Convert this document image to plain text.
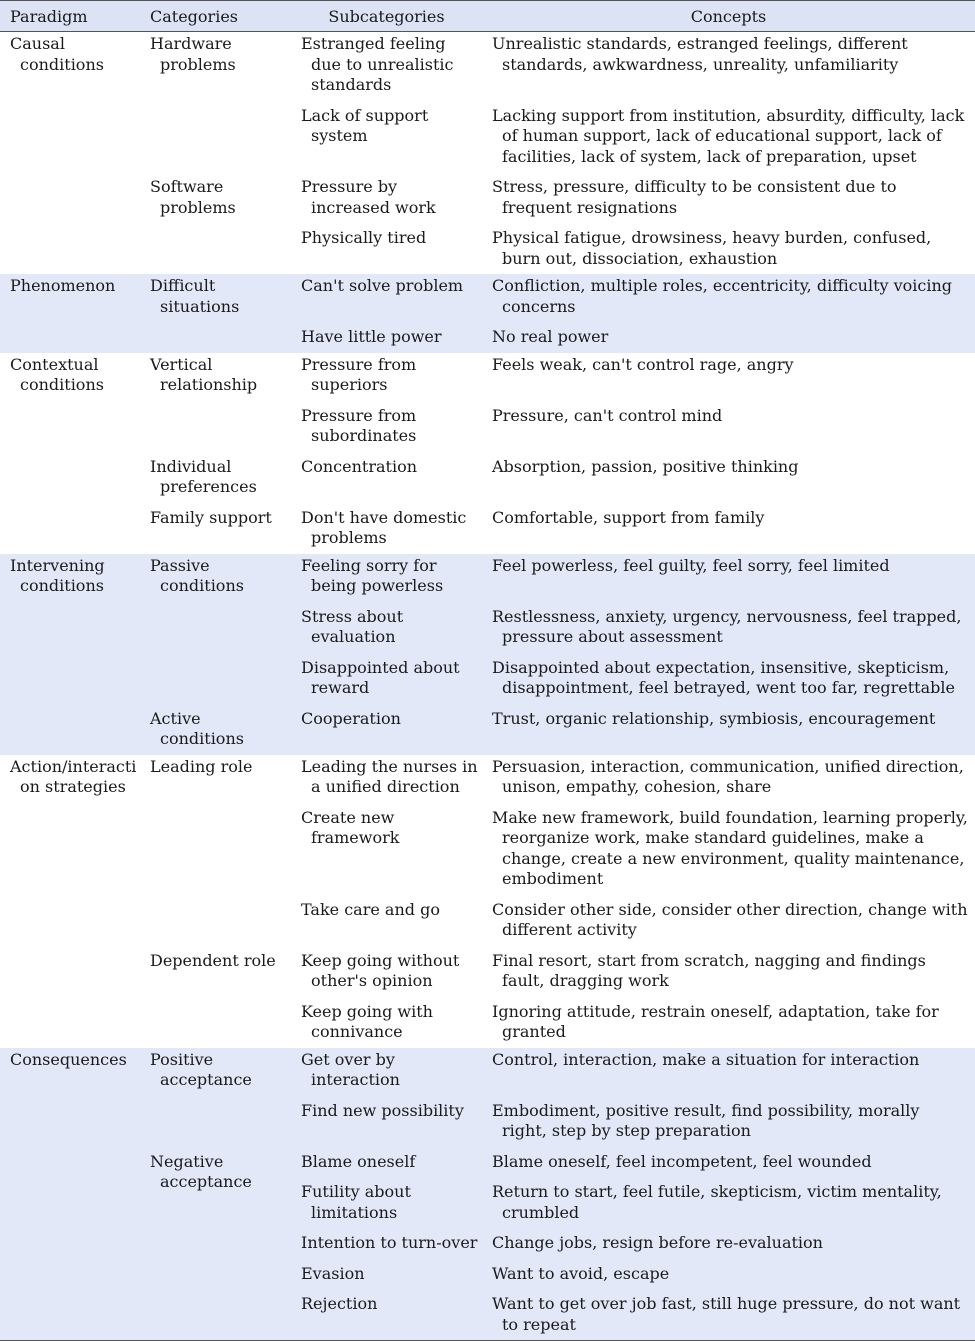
Paradigm	Categories	Subcategories	Concepts

Causal conditions	Hardware problems	Estranged feeling due to unrealistic standards	Unrealistic standards, estranged feelings, different standards, awkwardness, unreality, unfamiliarity

		Lack of support system	Lacking support from institution, absurdity, difficulty, lack of human support, lack of educational support, lack of facilities, lack of system, lack of preparation, upset

	Software problems	Pressure by increased work	Stress, pressure, difficulty to be consistent due to frequent resignations

		Physically tired	Physical fatigue, drowsiness, heavy burden, confused, burn out, dissociation, exhaustion

Phenomenon	Difficult situations	Can't solve problem	Confliction, multiple roles, eccentricity, difficulty voicing concerns

		Have little power	No real power

Contextual conditions	Vertical relationship	Pressure from superiors	Feels weak, can't control rage, angry

		Pressure from subordinates	Pressure, can't control mind

	Individual preferences	Concentration	Absorption, passion, positive thinking

	Family support	Don't have domestic problems	Comfortable, support from family

Intervening conditions	Passive conditions	Feeling sorry for being powerless	Feel powerless, feel guilty, feel sorry, feel limited

		Stress about evaluation	Restlessness, anxiety, urgency, nervousness, feel trapped, pressure about assessment

		Disappointed about reward	Disappointed about expectation, insensitive, skepticism, disappointment, feel betrayed, went too far, regrettable

	Active conditions	Cooperation	Trust, organic relationship, symbiosis, encouragement

Action/interacti on strategies	Leading role	Leading the nurses in a unified direction	Persuasion, interaction, communication, unified direction, unison, empathy, cohesion, share

		Create new framework	Make new framework, build foundation, learning properly, reorganize work, make standard guidelines, make a change, create a new environment, quality maintenance, embodiment

		Take care and go	Consider other side, consider other direction, change with different activity

	Dependent role	Keep going without other's opinion	Final resort, start from scratch, nagging and findings fault, dragging work

		Keep going with connivance	Ignoring attitude, restrain oneself, adaptation, take for granted

Consequences	Positive acceptance	Get over by interaction	Control, interaction, make a situation for interaction

		Find new possibility	Embodiment, positive result, find possibility, morally right, step by step preparation

	Negative acceptance	Blame oneself	Blame oneself, feel incompetent, feel wounded

		Futility about limitations	Return to start, feel futile, skepticism, victim mentality, crumbled

		Intention to turn-over	Change jobs, resign before re-evaluation

		Evasion	Want to avoid, escape

		Rejection	Want to get over job fast, still huge pressure, do not want to repeat
